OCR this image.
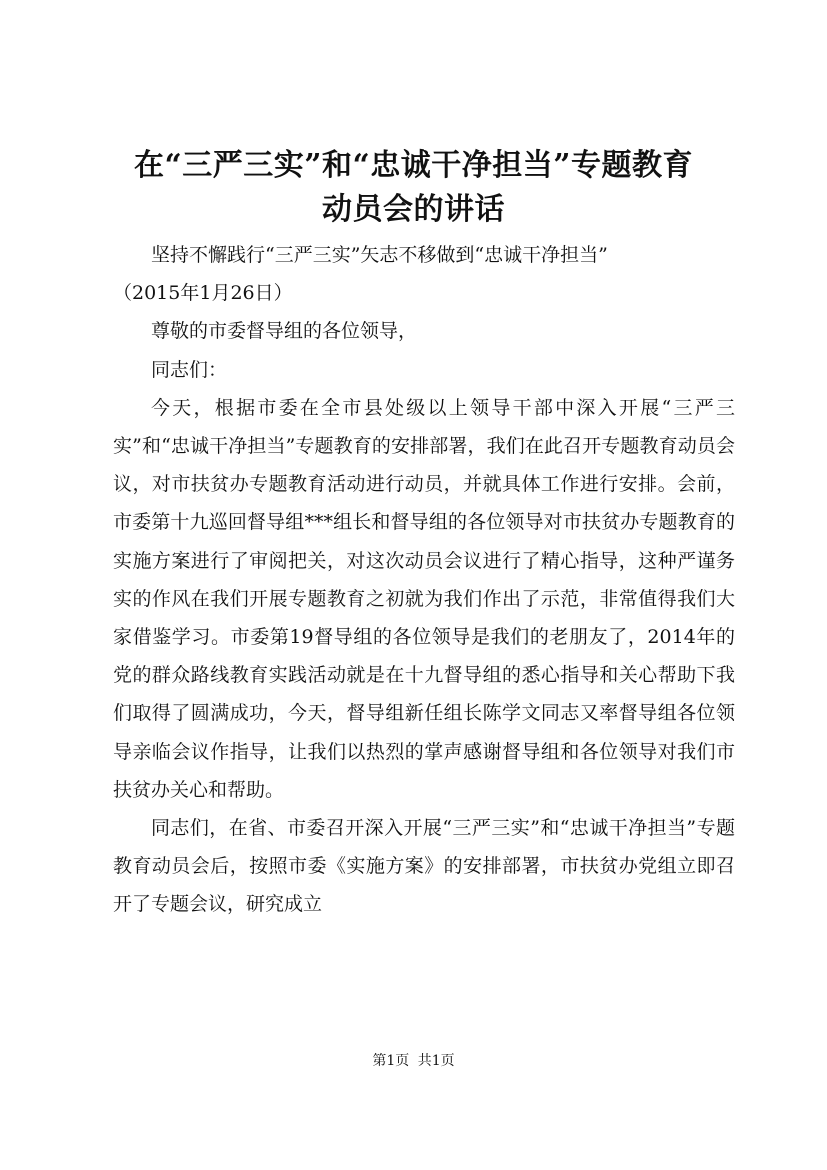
在“三严三实”和“忠诚干净担当”专题教育
动员会的讲话

坚持不懈践行“三严三实”矢志不移做到“忠诚干净担当”

（2015年1月26日）

尊敬的市委督导组的各位领导，

同志们：

今天，根据市委在全市县处级以上领导干部中深入开展“三严三实”和“忠诚干净担当”专题教育的安排部署，我们在此召开专题教育动员会议，对市扶贫办专题教育活动进行动员，并就具体工作进行安排。会前，市委第十九巡回督导组***组长和督导组的各位领导对市扶贫办专题教育的实施方案进行了审阅把关，对这次动员会议进行了精心指导，这种严谨务实的作风在我们开展专题教育之初就为我们作出了示范，非常值得我们大家借鉴学习。市委第19督导组的各位领导是我们的老朋友了，2014年的党的群众路线教育实践活动就是在十九督导组的悉心指导和关心帮助下我们取得了圆满成功，今天，督导组新任组长陈学文同志又率督导组各位领导亲临会议作指导，让我们以热烈的掌声感谢督导组和各位领导对我们市扶贫办关心和帮助。

同志们，在省、市委召开深入开展“三严三实”和“忠诚干净担当”专题教育动员会后，按照市委《实施方案》的安排部署，市扶贫办党组立即召开了专题会议，研究成立

第1页 共1页
